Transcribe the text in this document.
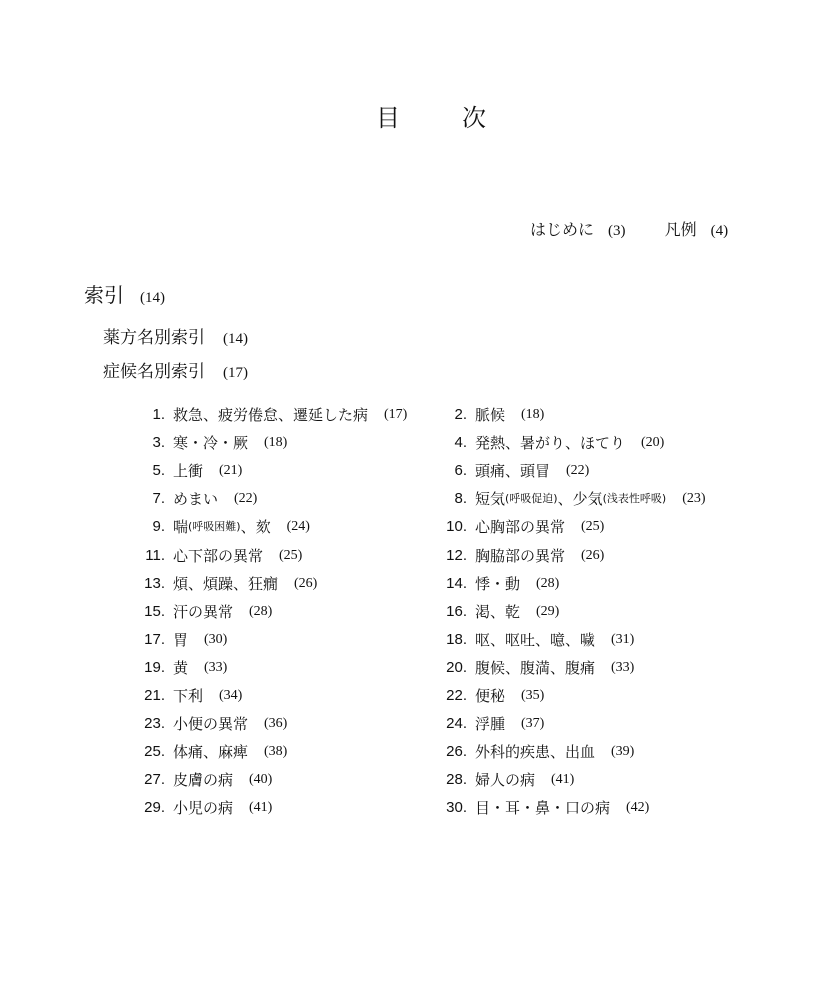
目次
はじめに (3) 凡例 (4)
索引 (14)
薬方名別索引 (14)
症候名別索引 (17)
1. 救急、疲労倦怠、遷延した病 (17)	2. 脈候 (18)
3. 寒・冷・厥 (18)	4. 発熱、暑がり、ほてり (20)
5. 上衝 (21)	6. 頭痛、頭冒 (22)
7. めまい (22)	8. 短気 (呼吸促迫) 、少気 (浅表性呼吸) (23)
9. 喘 (呼吸困難) 、欬 (24)	10. 心胸部の異常 (25)
11. 心下部の異常 (25)	12. 胸脇部の異常 (26)
13. 煩、煩躁、狂癇 (26)	14. 悸・動 (28)
15. 汗の異常 (28)	16. 渇、乾 (29)
17. 胃 (30)	18. 呕、呕吐、噫、噦 (31)
19. 黄 (33)	20. 腹候、腹満、腹痛 (33)
21. 下利 (34)	22. 便秘 (35)
23. 小便の異常 (36)	24. 浮腫 (37)
25. 体痛、麻痺 (38)	26. 外科的疾患、出血 (39)
27. 皮膚の病 (40)	28. 婦人の病 (41)
29. 小児の病 (41)	30. 目・耳・鼻・口の病 (42)
